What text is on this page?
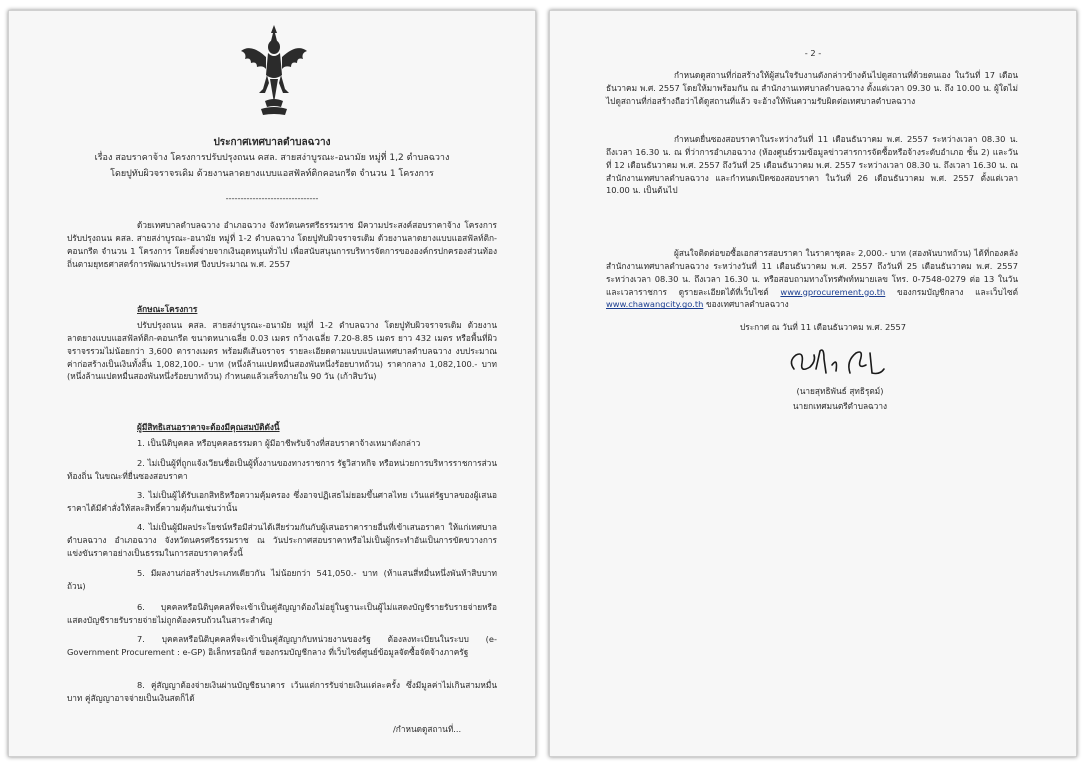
ประกาศเทศบาลตำบลฉวาง
เรื่อง สอบราคาจ้าง โครงการปรับปรุงถนน คสล. สายสง่าบูรณะ-อนามัย หมู่ที่ 1,2 ตำบลฉวาง
โดยปูทับผิวจราจรเดิม ด้วยงานลาดยางแบบแอสฟัลท์ติกคอนกรีต จำนวน 1 โครงการ
-------------------------------
ด้วยเทศบาลตำบลฉวาง อำเภอฉวาง จังหวัดนครศรีธรรมราช มีความประสงค์สอบราคาจ้าง โครงการปรับปรุงถนน คสล. สายสง่าบูรณะ-อนามัย หมู่ที่ 1-2 ตำบลฉวาง โดยปูทับผิวจราจรเดิม ด้วยงานลาดยางแบบแอสฟัลท์ติก-คอนกรีต จำนวน 1 โครงการ โดยตั้งจ่ายจากเงินอุดหนุนทั่วไป เพื่อสนับสนุนการบริหารจัดการขององค์กรปกครองส่วนท้องถิ่นตามยุทธศาสตร์การพัฒนาประเทศ ปีงบประมาณ พ.ศ. 2557
ลักษณะโครงการ
ปรับปรุงถนน คสล. สายสง่าบูรณะ-อนามัย หมู่ที่ 1-2 ตำบลฉวาง โดยปูทับผิวจราจรเดิม ด้วยงานลาดยางแบบแอสฟัลท์ติก-คอนกรีต ขนาดหนาเฉลี่ย 0.03 เมตร กว้างเฉลี่ย 7.20-8.85 เมตร ยาว 432 เมตร หรือพื้นที่ผิวจราจรรวมไม่น้อยกว่า 3,600 ตารางเมตร พร้อมตีเส้นจราจร รายละเอียดตามแบบแปลนเทศบาลตำบลฉวาง งบประมาณค่าก่อสร้างเป็นเงินทั้งสิ้น 1,082,100.- บาท (หนึ่งล้านแปดหมื่นสองพันหนึ่งร้อยบาทถ้วน) ราคากลาง 1,082,100.- บาท (หนึ่งล้านแปดหมื่นสองพันหนึ่งร้อยบาทถ้วน) กำหนดแล้วเสร็จภายใน 90 วัน (เก้าสิบวัน)
ผู้มีสิทธิเสนอราคาจะต้องมีคุณสมบัติดังนี้
1. เป็นนิติบุคคล หรือบุคคลธรรมดา ผู้มีอาชีพรับจ้างที่สอบราคาจ้างเหมาดังกล่าว
2. ไม่เป็นผู้ที่ถูกแจ้งเวียนชื่อเป็นผู้ทิ้งงานของทางราชการ รัฐวิสาหกิจ หรือหน่วยการบริหารราชการส่วนท้องถิ่น ในขณะที่ยื่นซองสอบราคา
3. ไม่เป็นผู้ได้รับเอกสิทธิหรือความคุ้มครอง ซึ่งอาจปฏิเสธไม่ยอมขึ้นศาลไทย เว้นแต่รัฐบาลของผู้เสนอราคาได้มีคำสั่งให้สละสิทธิ์ความคุ้มกันเช่นว่านั้น
4. ไม่เป็นผู้มีผลประโยชน์หรือมีส่วนได้เสียร่วมกันกับผู้เสนอราคารายอื่นที่เข้าเสนอราคา ให้แก่เทศบาลตำบลฉวาง อำเภอฉวาง จังหวัดนครศรีธรรมราช ณ วันประกาศสอบราคาหรือไม่เป็นผู้กระทำอันเป็นการขัดขวางการแข่งขันราคาอย่างเป็นธรรมในการสอบราคาครั้งนี้
5. มีผลงานก่อสร้างประเภทเดียวกัน ไม่น้อยกว่า 541,050.- บาท (ห้าแสนสี่หมื่นหนึ่งพันห้าสิบบาทถ้วน)
6. บุคคลหรือนิติบุคคลที่จะเข้าเป็นคู่สัญญาต้องไม่อยู่ในฐานะเป็นผู้ไม่แสดงบัญชีรายรับรายจ่ายหรือแสดงบัญชีรายรับรายจ่ายไม่ถูกต้องครบถ้วนในสาระสำคัญ
7. บุคคลหรือนิติบุคคลที่จะเข้าเป็นคู่สัญญากับหน่วยงานของรัฐ ต้องลงทะเบียนในระบบ (e-Government Procurement : e-GP) อิเล็กทรอนิกส์ ของกรมบัญชีกลาง ที่เว็บไซต์ศูนย์ข้อมูลจัดซื้อจัดจ้างภาครัฐ
8. คู่สัญญาต้องจ่ายเงินผ่านบัญชีธนาคาร เว้นแต่การรับจ่ายเงินแต่ละครั้ง ซึ่งมีมูลค่าไม่เกินสามหมื่นบาท คู่สัญญาอาจจ่ายเป็นเงินสดก็ได้
/กำหนดดูสถานที่...
- 2 -
กำหนดดูสถานที่ก่อสร้างให้ผู้สนใจรับงานดังกล่าวข้างต้นไปดูสถานที่ด้วยตนเอง ในวันที่ 17 เดือนธันวาคม พ.ศ. 2557 โดยให้มาพร้อมกัน ณ สำนักงานเทศบาลตำบลฉวาง ตั้งแต่เวลา 09.30 น. ถึง 10.00 น. ผู้ใดไม่ไปดูสถานที่ก่อสร้างถือว่าได้ดูสถานที่แล้ว จะอ้างให้พ้นความรับผิดต่อเทศบาลตำบลฉวาง
กำหนดยื่นซองสอบราคาในระหว่างวันที่ 11 เดือนธันวาคม พ.ศ. 2557 ระหว่างเวลา 08.30 น. ถึงเวลา 16.30 น. ณ ที่ว่าการอำเภอฉวาง (ห้องศูนย์รวมข้อมูลข่าวสารการจัดซื้อหรือจ้างระดับอำเภอ ชั้น 2) และวันที่ 12 เดือนธันวาคม พ.ศ. 2557 ถึงวันที่ 25 เดือนธันวาคม พ.ศ. 2557 ระหว่างเวลา 08.30 น. ถึงเวลา 16.30 น. ณ สำนักงานเทศบาลตำบลฉวาง และกำหนดเปิดซองสอบราคา ในวันที่ 26 เดือนธันวาคม พ.ศ. 2557 ตั้งแต่เวลา 10.00 น. เป็นต้นไป
ผู้สนใจติดต่อขอซื้อเอกสารสอบราคา ในราคาชุดละ 2,000.- บาท (สองพันบาทถ้วน) ได้ที่กองคลัง สำนักงานเทศบาลตำบลฉวาง ระหว่างวันที่ 11 เดือนธันวาคม พ.ศ. 2557 ถึงวันที่ 25 เดือนธันวาคม พ.ศ. 2557 ระหว่างเวลา 08.30 น. ถึงเวลา 16.30 น. หรือสอบถามทางโทรศัพท์หมายเลข โทร. 0-7548-0279 ต่อ 13 ในวันและเวลาราชการ ดูรายละเอียดได้ที่เว็บไซต์ www.gprocurement.go.th ของกรมบัญชีกลาง และเว็บไซต์ www.chawangcity.go.th ของเทศบาลตำบลฉวาง
ประกาศ ณ วันที่ 11 เดือนธันวาคม พ.ศ. 2557
(นายสุทธิพันธ์ สุทธิรุตม์)
นายกเทศมนตรีตำบลฉวาง
